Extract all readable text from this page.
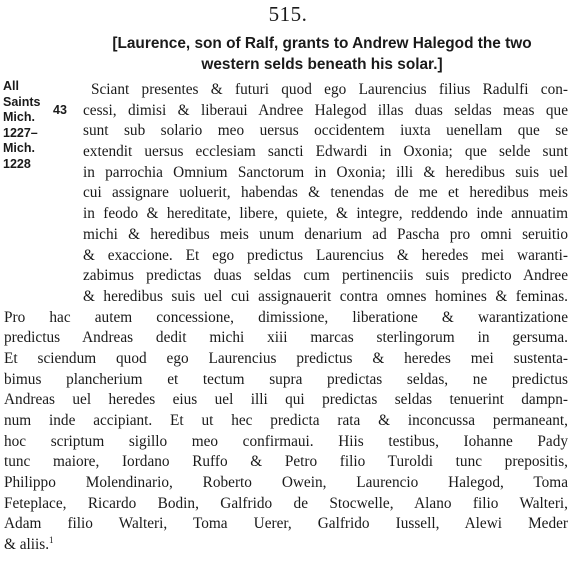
515.
[Laurence, son of Ralf, grants to Andrew Halegod the two
western selds beneath his solar.]
All
Saints
Mich.
1227–
Mich.
1228
43
Sciant presentes & futuri quod ego Laurencius filius Radulfi con-
cessi, dimisi & liberaui Andree Halegod illas duas seldas meas que
sunt sub solario meo uersus occidentem iuxta uenellam que se
extendit uersus ecclesiam sancti Edwardi in Oxonia; que selde sunt
in parrochia Omnium Sanctorum in Oxonia; illi & heredibus suis uel
cui assignare uoluerit, habendas & tenendas de me et heredibus meis
in feodo & hereditate, libere, quiete, & integre, reddendo inde annuatim
michi & heredibus meis unum denarium ad Pascha pro omni seruitio
& exaccione. Et ego predictus Laurencius & heredes mei waranti-
zabimus predictas duas seldas cum pertinenciis suis predicto Andree
& heredibus suis uel cui assignauerit contra omnes homines & feminas.
Pro hac autem concessione, dimissione, liberatione & warantizatione
predictus Andreas dedit michi xiii marcas sterlingorum in gersuma.
Et sciendum quod ego Laurencius predictus & heredes mei sustenta-
bimus plancherium et tectum supra predictas seldas, ne predictus
Andreas uel heredes eius uel illi qui predictas seldas tenuerint dampn-
num inde accipiant. Et ut hec predicta rata & inconcussa permaneant,
hoc scriptum sigillo meo confirmaui. Hiis testibus, Iohanne Pady
tunc maiore, Iordano Ruffo & Petro filio Turoldi tunc prepositis,
Philippo Molendinario, Roberto Owein, Laurencio Halegod, Toma
Feteplace, Ricardo Bodin, Galfrido de Stocwelle, Alano filio Walteri,
Adam filio Walteri, Toma Uerer, Galfrido Iussell, Alewi Meder
& aliis.$^1$
